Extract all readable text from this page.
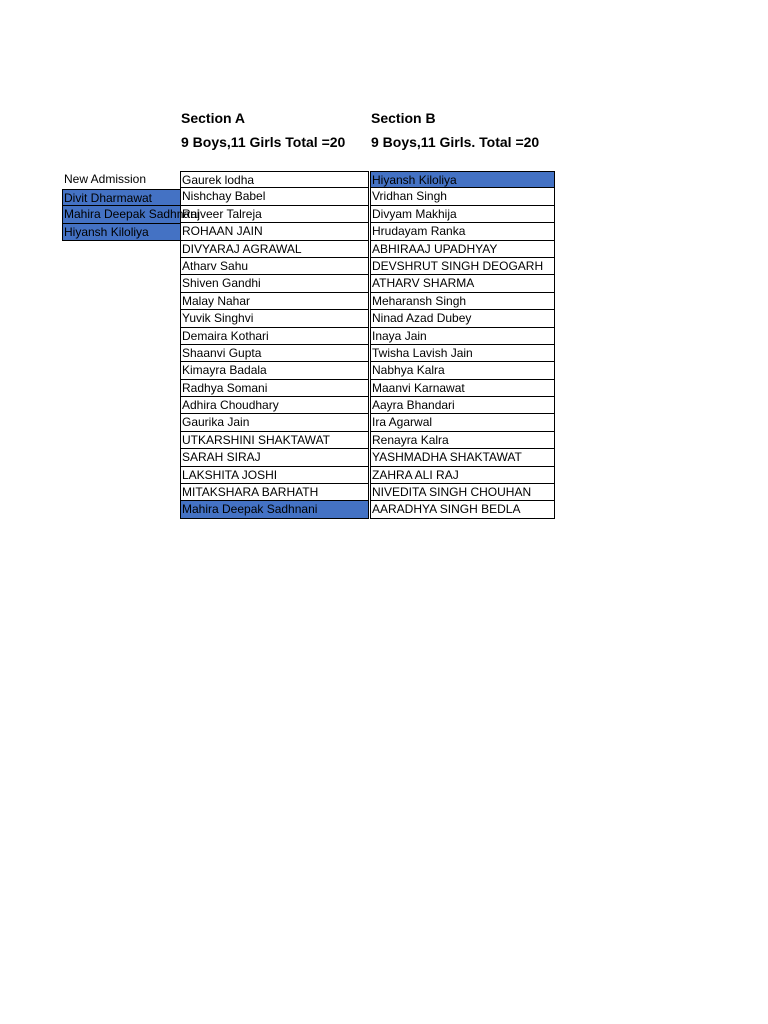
Section A
9 Boys,11 Girls Total =20
Section B
9 Boys,11 Girls. Total =20
New Admission
Divit Dharmawat
Mahira Deepak Sadhnani
Hiyansh Kiloliya
Gaurek lodha
Nishchay Babel
Rajveer Talreja
ROHAAN JAIN
DIVYARAJ AGRAWAL
Atharv Sahu
Shiven Gandhi
Malay Nahar
Yuvik Singhvi
Demaira Kothari
Shaanvi Gupta
Kimayra Badala
Radhya Somani
Adhira Choudhary
Gaurika Jain
UTKARSHINI SHAKTAWAT
SARAH SIRAJ
LAKSHITA JOSHI
MITAKSHARA BARHATH
Mahira Deepak Sadhnani
Hiyansh Kiloliya
Vridhan Singh
Divyam Makhija
Hrudayam Ranka
ABHIRAAJ UPADHYAY
DEVSHRUT SINGH DEOGARH
ATHARV SHARMA
Meharansh Singh
Ninad Azad Dubey
Inaya Jain
Twisha Lavish Jain
Nabhya Kalra
Maanvi Karnawat
Aayra Bhandari
Ira Agarwal
Renayra Kalra
YASHMADHA SHAKTAWAT
ZAHRA ALI RAJ
NIVEDITA SINGH CHOUHAN
AARADHYA SINGH BEDLA
